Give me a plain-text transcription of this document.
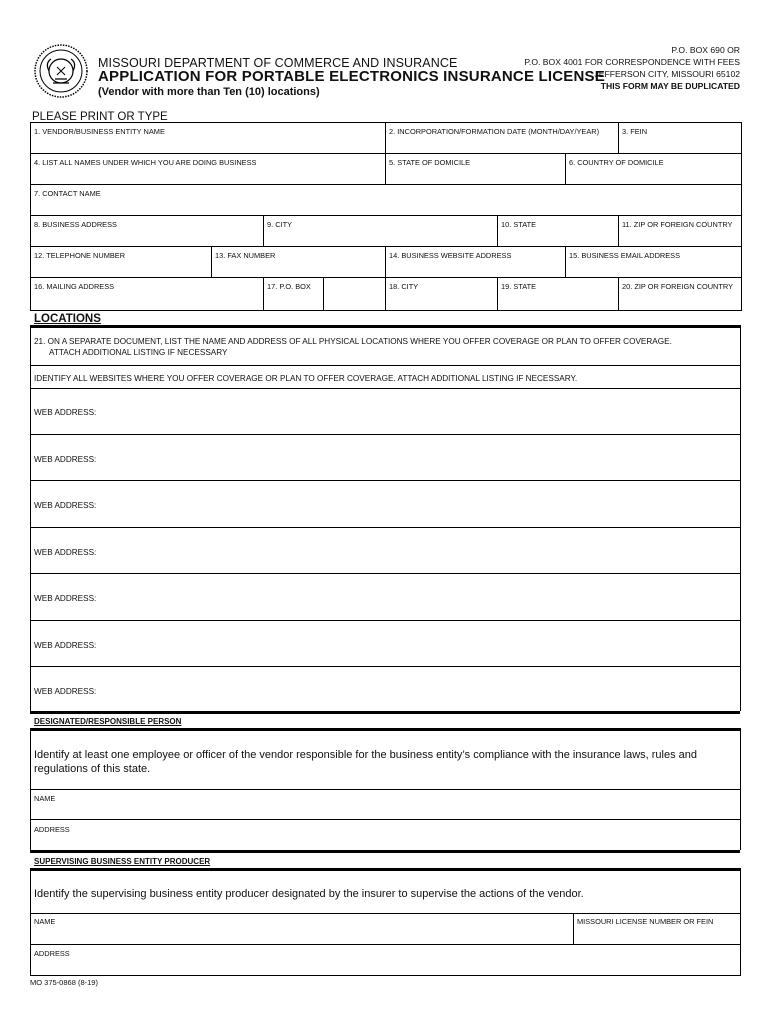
MISSOURI DEPARTMENT OF COMMERCE AND INSURANCE
APPLICATION FOR PORTABLE ELECTRONICS INSURANCE LICENSE
(Vendor with more than Ten (10) locations)
P.O. BOX 690 OR
P.O. BOX 4001 FOR CORRESPONDENCE WITH FEES
JEFFERSON CITY, MISSOURI 65102
THIS FORM MAY BE DUPLICATED
PLEASE PRINT OR TYPE
1. VENDOR/BUSINESS ENTITY NAME	2. INCORPORATION/FORMATION DATE (MONTH/DAY/YEAR)	3. FEIN
4. LIST ALL NAMES UNDER WHICH YOU ARE DOING BUSINESS	5. STATE OF DOMICILE	6. COUNTRY OF DOMICILE
7. CONTACT NAME
8. BUSINESS ADDRESS	9. CITY	10. STATE	11. ZIP OR FOREIGN COUNTRY
12. TELEPHONE NUMBER	13. FAX NUMBER	14. BUSINESS WEBSITE ADDRESS	15. BUSINESS EMAIL ADDRESS
16. MAILING ADDRESS	17. P.O. BOX	18. CITY	19. STATE	20. ZIP OR FOREIGN COUNTRY
LOCATIONS
21. ON A SEPARATE DOCUMENT, LIST THE NAME AND ADDRESS OF ALL PHYSICAL LOCATIONS WHERE YOU OFFER COVERAGE OR PLAN TO OFFER COVERAGE.
ATTACH ADDITIONAL LISTING IF NECESSARY
IDENTIFY ALL WEBSITES WHERE YOU OFFER COVERAGE OR PLAN TO OFFER COVERAGE. ATTACH ADDITIONAL LISTING IF NECESSARY.
WEB ADDRESS:
WEB ADDRESS:
WEB ADDRESS:
WEB ADDRESS:
WEB ADDRESS:
WEB ADDRESS:
WEB ADDRESS:
DESIGNATED/RESPONSIBLE PERSON
Identify at least one employee or officer of the vendor responsible for the business entity’s compliance with the insurance laws, rules and regulations of this state.
NAME
ADDRESS
SUPERVISING BUSINESS ENTITY PRODUCER
Identify the supervising business entity producer designated by the insurer to supervise the actions of the vendor.
NAME	MISSOURI LICENSE NUMBER OR FEIN
ADDRESS
MO 375-0868 (8-19)
